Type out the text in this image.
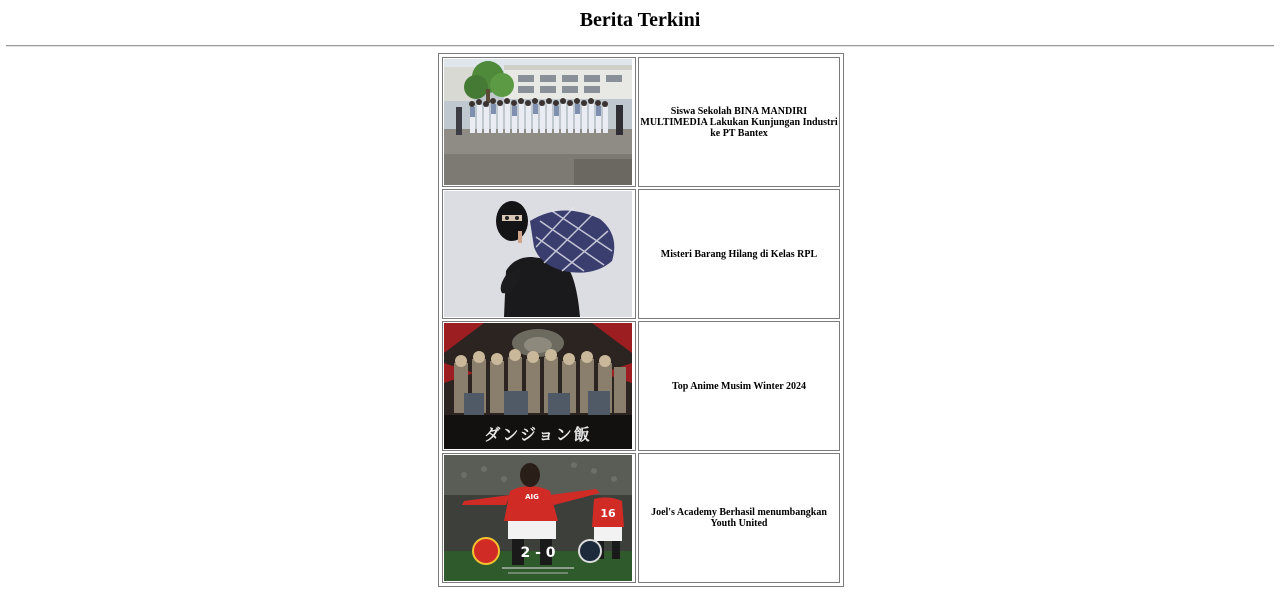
Berita Terkini
	Siswa Sekolah BINA MANDIRI MULTIMEDIA Lakukan Kunjungan Industri ke PT Bantex

	Misteri Barang Hilang di Kelas RPL

ダンジョン飯	Top Anime Musim Winter 2024

AIG
16
2 - 0	Joel's Academy Berhasil menumbangkan Youth United
